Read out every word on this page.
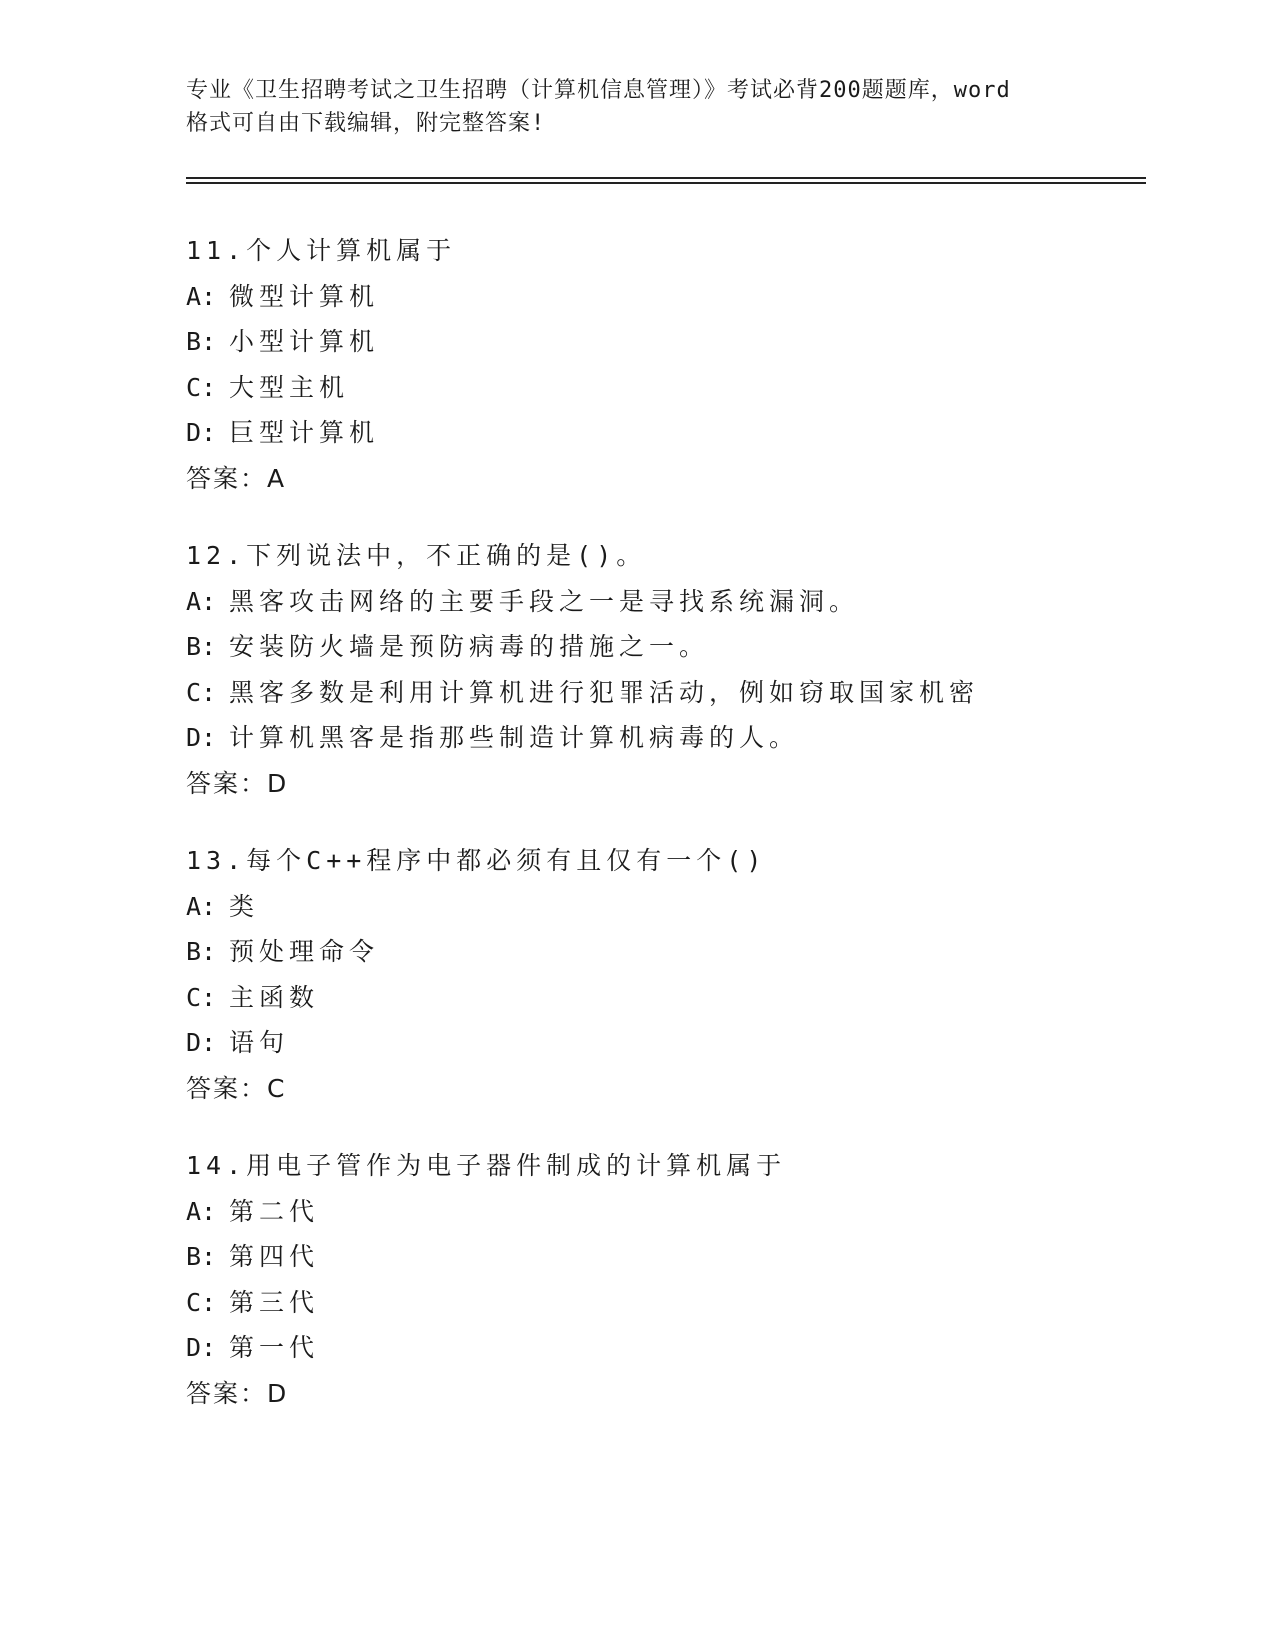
专业《卫生招聘考试之卫生招聘（计算机信息管理）》考试必背200题题库，word
格式可自由下载编辑，附完整答案!
11.个人计算机属于
A: 微型计算机
B: 小型计算机
C: 大型主机
D: 巨型计算机
答案：A
12.下列说法中，不正确的是()。
A: 黑客攻击网络的主要手段之一是寻找系统漏洞。
B: 安装防火墙是预防病毒的措施之一。
C: 黑客多数是利用计算机进行犯罪活动，例如窃取国家机密
D: 计算机黑客是指那些制造计算机病毒的人。
答案：D
13.每个C++程序中都必须有且仅有一个()
A: 类
B: 预处理命令
C: 主函数
D: 语句
答案：C
14.用电子管作为电子器件制成的计算机属于
A: 第二代
B: 第四代
C: 第三代
D: 第一代
答案：D
